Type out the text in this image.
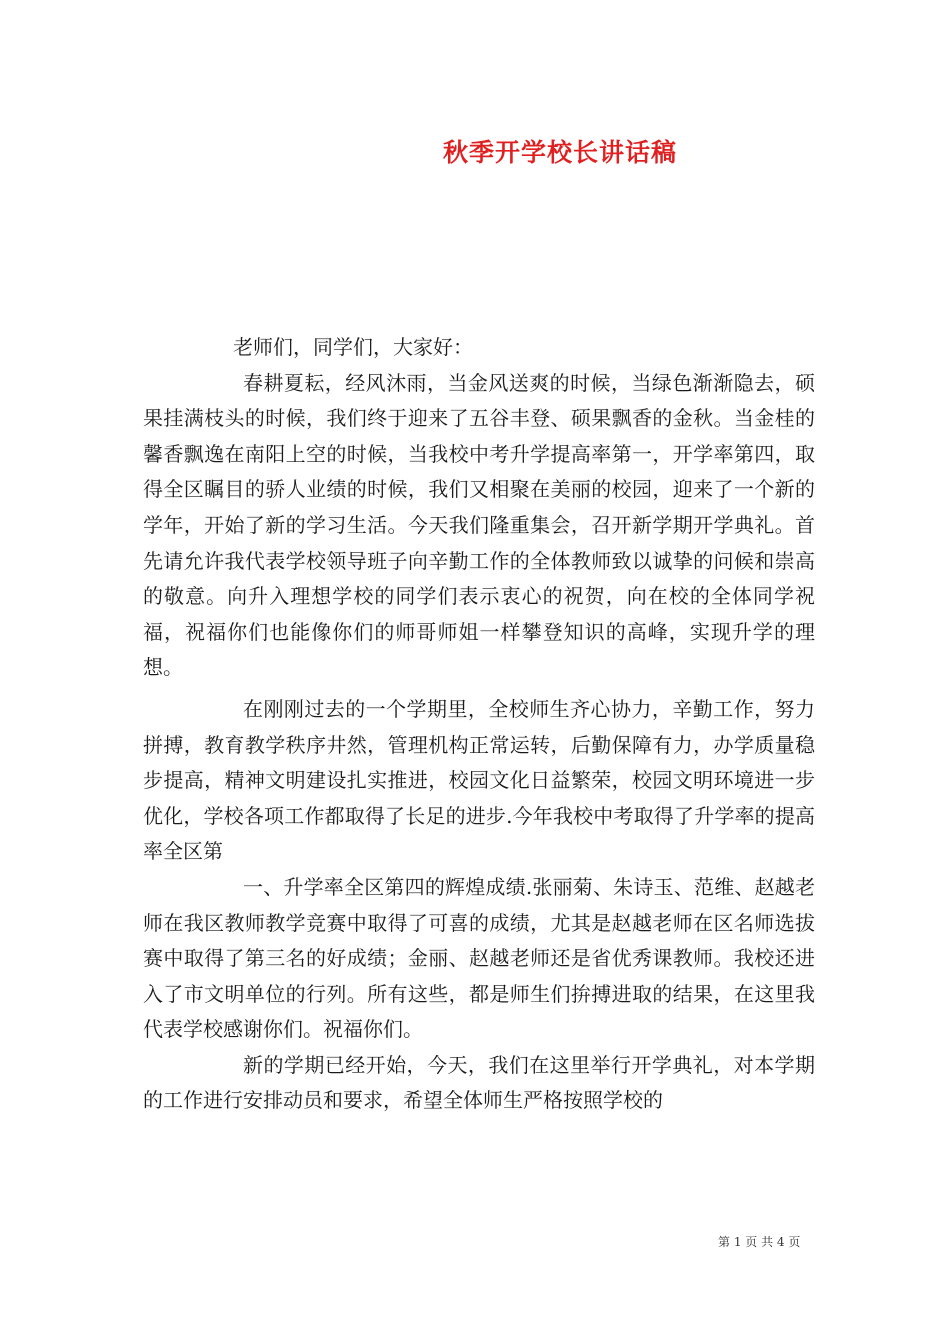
秋季开学校长讲话稿

老师们，同学们，大家好：

春耕夏耘，经风沐雨，当金风送爽的时候，当绿色渐渐隐去，硕果挂满枝头的时候，我们终于迎来了五谷丰登、硕果飘香的金秋。当金桂的馨香飘逸在南阳上空的时候，当我校中考升学提高率第一，开学率第四，取得全区瞩目的骄人业绩的时候，我们又相聚在美丽的校园，迎来了一个新的学年，开始了新的学习生活。今天我们隆重集会，召开新学期开学典礼。首先请允许我代表学校领导班子向辛勤工作的全体教师致以诚挚的问候和崇高的敬意。向升入理想学校的同学们表示衷心的祝贺，向在校的全体同学祝福，祝福你们也能像你们的师哥师姐一样攀登知识的高峰，实现升学的理想。

在刚刚过去的一个学期里，全校师生齐心协力，辛勤工作，努力拼搏，教育教学秩序井然，管理机构正常运转，后勤保障有力，办学质量稳步提高，精神文明建设扎实推进，校园文化日益繁荣，校园文明环境进一步优化，学校各项工作都取得了长足的进步.今年我校中考取得了升学率的提高率全区第

一、升学率全区第四的辉煌成绩.张丽菊、朱诗玉、范维、赵越老师在我区教师教学竞赛中取得了可喜的成绩，尤其是赵越老师在区名师选拔赛中取得了第三名的好成绩；金丽、赵越老师还是省优秀课教师。我校还进入了市文明单位的行列。所有这些，都是师生们拚搏进取的结果，在这里我代表学校感谢你们。祝福你们。

新的学期已经开始，今天，我们在这里举行开学典礼，对本学期的工作进行安排动员和要求，希望全体师生严格按照学校的

第 1 页 共 4 页
